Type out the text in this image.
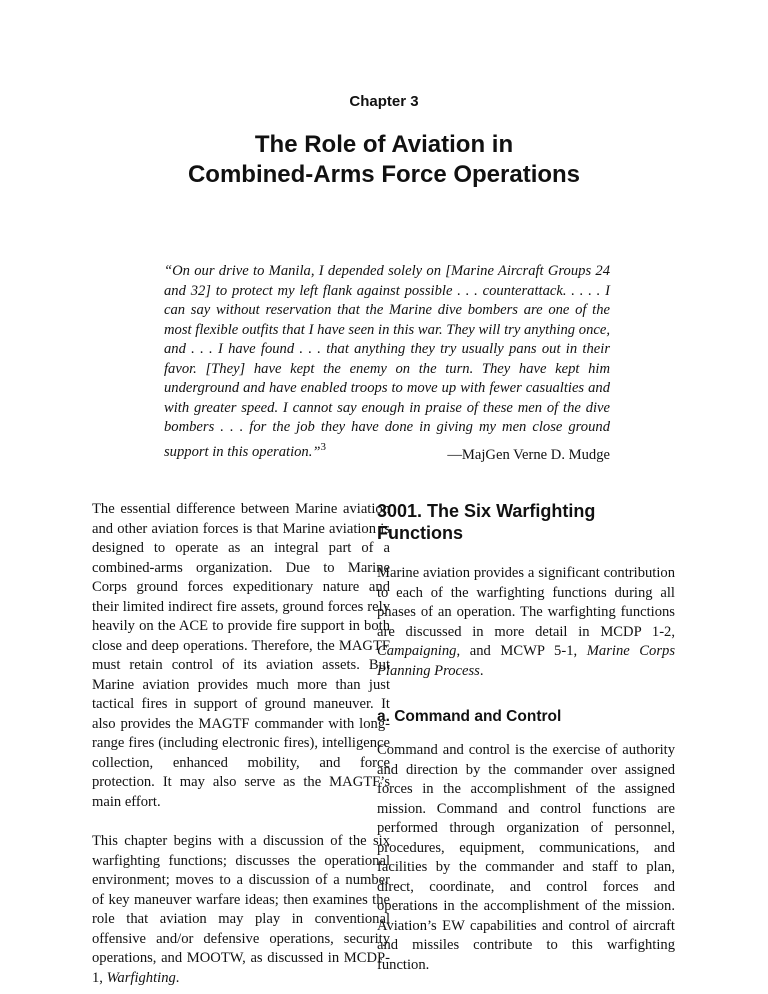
Chapter 3
The Role of Aviation in
Combined-Arms Force Operations

“On our drive to Manila, I depended solely on [Marine Aircraft Groups 24 and 32] to protect my left flank against possible . . . counterattack. . . . . I can say without reservation that the Marine dive bombers are one of the most flexible outfits that I have seen in this war. They will try anything once, and . . . I have found . . . that anything they try usually pans out in their favor. [They] have kept the enemy on the turn. They have kept him underground and have enabled troops to move up with fewer casualties and with greater speed. I cannot say enough in praise of these men of the dive bombers . . . for the job they have done in giving my men close ground support in this operation.”$^3$

—MajGen Verne D. Mudge

The essential difference between Marine aviation and other aviation forces is that Marine aviation is designed to operate as an integral part of a combined-arms organization. Due to Marine Corps ground forces expeditionary nature and their limited indirect fire assets, ground forces rely heavily on the ACE to provide fire support in both close and deep operations. Therefore, the MAGTF must retain control of its aviation assets. But Marine aviation provides much more than just tactical fires in support of ground maneuver. It also provides the MAGTF commander with long-range fires (including electronic fires), intelligence collection, enhanced mobility, and force protection. It may also serve as the MAGTF’s main effort.

This chapter begins with a discussion of the six warfighting functions; discusses the operational environment; moves to a discussion of a number of key maneuver warfare ideas; then examines the role that aviation may play in conventional offensive and/or defensive operations, security operations, and MOOTW, as discussed in MCDP-1, Warfighting.

3001. The Six Warfighting Functions

Marine aviation provides a significant contribution to each of the warfighting functions during all phases of an operation. The warfighting functions are discussed in more detail in MCDP 1-2, Campaigning, and MCWP 5-1, Marine Corps Planning Process.

a. Command and Control

Command and control is the exercise of authority and direction by the commander over assigned forces in the accomplishment of the assigned mission. Command and control functions are performed through organization of personnel, procedures, equipment, communications, and facilities by the commander and staff to plan, direct, coordinate, and control forces and operations in the accomplishment of the mission. Aviation’s EW capabilities and control of aircraft and missiles contribute to this warfighting function.
